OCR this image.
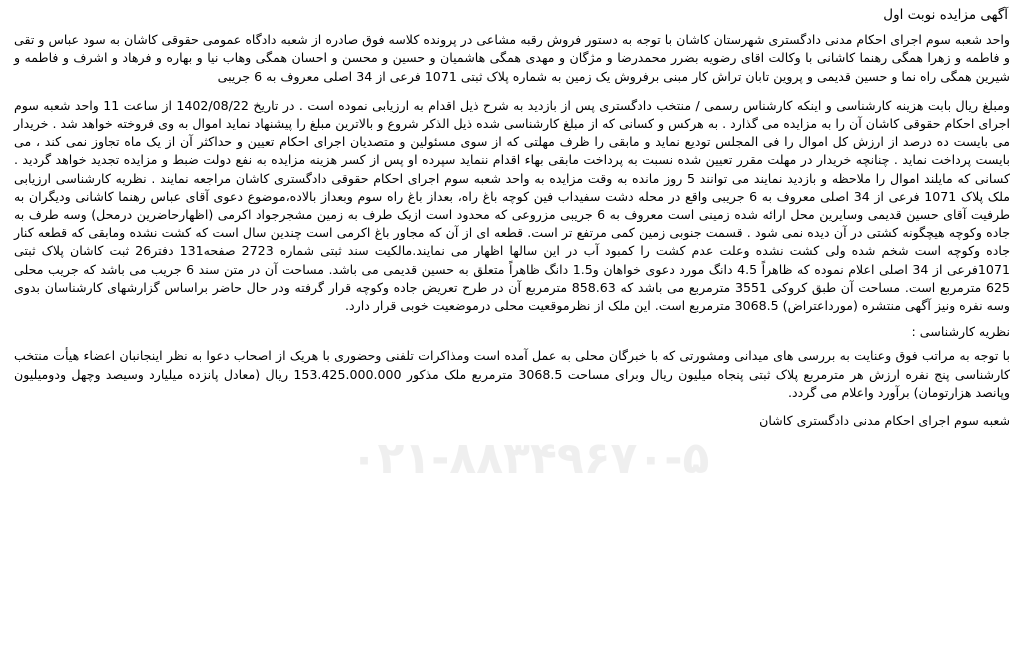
آگهی مزایده نوبت اول
واحد شعبه سوم اجرای احکام مدنی دادگستری شهرستان کاشان با توجه به دستور فروش رقبه مشاعی در پرونده کلاسه فوق صادره از شعبه دادگاه عمومی حقوقی کاشان به سود عباس و تقی و فاطمه و زهرا همگی رهنما کاشانی با وکالت اقای رضویه بضرر محمدرضا و مژگان و مهدی همگی هاشمیان و حسین و محسن و احسان همگی وهاب نیا و بهاره و فرهاد و اشرف و فاطمه و شیرین همگی راه نما و حسین قدیمی و پروین تابان تراش کار مبنی برفروش یک زمین به شماره پلاک ثبتی 1071 فرعی از 34 اصلی معروف به 6 جریبی
ومبلغ ریال بابت هزینه کارشناسی و اینکه کارشناس رسمی / منتخب دادگستری پس از بازدید به شرح ذیل اقدام به ارزیابی نموده است . در تاریخ 1402/08/22 از ساعت 11 واحد شعبه سوم اجرای احکام حقوقی کاشان آن را به مزایده می گذارد . به هرکس و کسانی که از مبلغ کارشناسی شده ذیل الذکر شروع و بالاترین مبلغ را پیشنهاد نماید اموال به وی فروخته خواهد شد . خریدار می بایست ده درصد از ارزش کل اموال را فی المجلس تودیع نماید و مابقی را ظرف مهلتی که از سوی مسئولین و متصدیان اجرای احکام تعیین و حداکثر آن از یک ماه تجاوز نمی کند ، می بایست پرداخت نماید . چنانچه خریدار در مهلت مقرر تعیین شده نسبت به پرداخت مابقی بهاء اقدام ننماید سپرده او پس از کسر هزینه مزایده به نفع دولت ضبط و مزایده تجدید خواهد گردید . کسانی که مایلند اموال را ملاحظه و بازدید نمایند می توانند 5 روز مانده به وقت مزایده به واحد شعبه سوم اجرای احکام حقوقی دادگستری کاشان مراجعه نمایند . نظریه کارشناسی ارزیابی ملک پلاک 1071 فرعی از 34 اصلی معروف به 6 جریبی واقع در محله دشت سفیداب فین کوچه باغ راه، بعداز باغ راه سوم وبعداز بالاده،موضوع دعوی آقای عباس رهنما کاشانی ودیگران به طرفیت آقای حسین قدیمی وسایرین محل ارائه شده زمینی است معروف به 6 جریبی مزروعی که محدود است ازیک طرف به زمین مشجرجواد اکرمی (اظهارحاضرین درمحل) وسه طرف به جاده وکوچه هیچگونه کشتی در آن دیده نمی شود . قسمت جنوبی زمین کمی مرتفع تر است. قطعه ای از آن که مجاور باغ اکرمی است چندین سال است که کشت نشده ومابقی که قطعه کنار جاده وکوچه است شخم شده ولی کشت نشده وعلت عدم کشت را کمبود آب در این سالها اظهار می نمایند.مالکیت سند ثبتی شماره 2723 صفحه131 دفتر26 ثبت کاشان پلاک ثبتی 1071فرعی از 34 اصلی اعلام نموده که ظاهراً 4.5 دانگ مورد دعوی خواهان و1.5 دانگ ظاهراً متعلق به حسین قدیمی می باشد. مساحت آن در متن سند 6 جریب می باشد که جریب محلی 625 مترمربع است. مساحت آن طبق کروکی 3551 مترمربع می باشد که 858.63 مترمربع آن در طرح تعریض جاده وکوچه قرار گرفته ودر حال حاضر براساس گزارشهای کارشناسان بدوی وسه نفره ونیز آگهی منتشره (مورداعتراض) 3068.5 مترمربع است. این ملک از نظرموقعیت محلی درموضعیت خوبی قرار دارد.
نظریه کارشناسی :
با توجه به مراتب فوق وعنایت به بررسی های میدانی ومشورتی که با خبرگان محلی به عمل آمده است ومذاکرات تلفنی وحضوری با هریک از اصحاب دعوا به نظر اینجانبان اعضاء هیأت منتخب کارشناسی پنج نفره ارزش هر مترمربع پلاک ثبتی پنجاه میلیون ریال وبرای مساحت 3068.5 مترمربع ملک مذکور 153.425.000.000 ریال (معادل پانزده میلیارد وسیصد وچهل ودومیلیون وپانصد هزارتومان) برآورد واعلام می گردد.
شعبه سوم اجرای احکام مدنی دادگستری کاشان
۰۲۱-۸۸۳۴۹۶۷۰-۵
